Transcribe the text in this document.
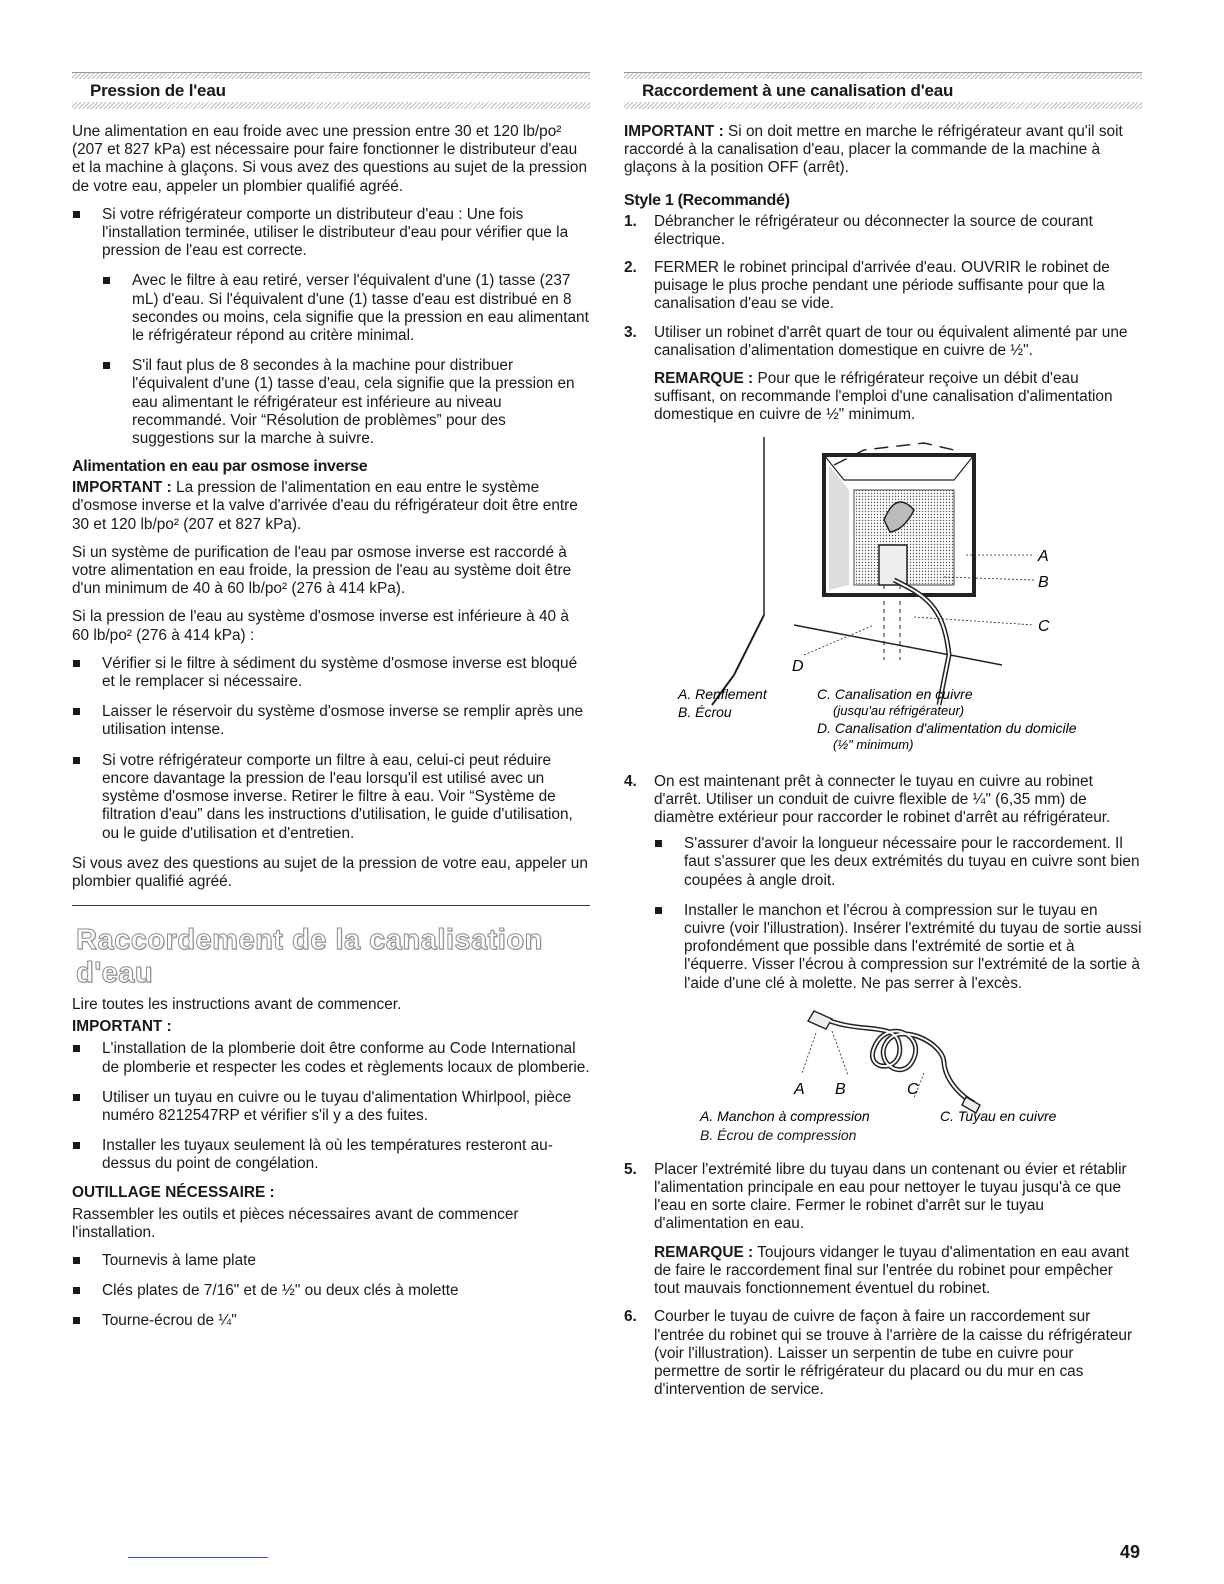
Pression de l'eau

Une alimentation en eau froide avec une pression entre 30 et 120 lb/po² (207 et 827 kPa) est nécessaire pour faire fonctionner le distributeur d'eau et la machine à glaçons. Si vous avez des questions au sujet de la pression de votre eau, appeler un plombier qualifié agréé.

Si votre réfrigérateur comporte un distributeur d'eau : Une fois l'installation terminée, utiliser le distributeur d'eau pour vérifier que la pression de l'eau est correcte.
Avec le filtre à eau retiré, verser l'équivalent d'une (1) tasse (237 mL) d'eau. Si l'équivalent d'une (1) tasse d'eau est distribué en 8 secondes ou moins, cela signifie que la pression en eau alimentant le réfrigérateur répond au critère minimal.
S'il faut plus de 8 secondes à la machine pour distribuer l'équivalent d'une (1) tasse d'eau, cela signifie que la pression en eau alimentant le réfrigérateur est inférieure au niveau recommandé. Voir “Résolution de problèmes” pour des suggestions sur la marche à suivre.
Alimentation en eau par osmose inverse

IMPORTANT : La pression de l'alimentation en eau entre le système d'osmose inverse et la valve d'arrivée d'eau du réfrigérateur doit être entre 30 et 120 lb/po² (207 et 827 kPa).

Si un système de purification de l'eau par osmose inverse est raccordé à votre alimentation en eau froide, la pression de l'eau au système doit être d'un minimum de 40 à 60 lb/po² (276 à 414 kPa).

Si la pression de l'eau au système d'osmose inverse est inférieure à 40 à 60 lb/po² (276 à 414 kPa) :

Vérifier si le filtre à sédiment du système d'osmose inverse est bloqué et le remplacer si nécessaire.
Laisser le réservoir du système d'osmose inverse se remplir après une utilisation intense.
Si votre réfrigérateur comporte un filtre à eau, celui-ci peut réduire encore davantage la pression de l'eau lorsqu'il est utilisé avec un système d'osmose inverse. Retirer le filtre à eau. Voir “Système de filtration d'eau” dans les instructions d'utilisation, le guide d'utilisation, ou le guide d'utilisation et d'entretien.

Si vous avez des questions au sujet de la pression de votre eau, appeler un plombier qualifié agréé.

Raccordement de la canalisation d'eau

Lire toutes les instructions avant de commencer.

IMPORTANT :
L'installation de la plomberie doit être conforme au Code International de plomberie et respecter les codes et règlements locaux de plomberie.
Utiliser un tuyau en cuivre ou le tuyau d'alimentation Whirlpool, pièce numéro 8212547RP et vérifier s'il y a des fuites.
Installer les tuyaux seulement là où les températures resteront au-dessus du point de congélation.
OUTILLAGE NÉCESSAIRE :

Rassembler les outils et pièces nécessaires avant de commencer l'installation.

Tournevis à lame plate
Clés plates de 7/16" et de ½" ou deux clés à molette
Tourne-écrou de ¼"
Raccordement à une canalisation d'eau

IMPORTANT : Si on doit mettre en marche le réfrigérateur avant qu'il soit raccordé à la canalisation d'eau, placer la commande de la machine à glaçons à la position OFF (arrêt).

Style 1 (Recommandé)
1. Débrancher le réfrigérateur ou déconnecter la source de courant électrique.
2. FERMER le robinet principal d'arrivée d'eau. OUVRIR le robinet de puisage le plus proche pendant une période suffisante pour que la canalisation d'eau se vide.
3. Utiliser un robinet d'arrêt quart de tour ou équivalent alimenté par une canalisation d'alimentation domestique en cuivre de ½".

REMARQUE : Pour que le réfrigérateur reçoive un débit d'eau suffisant, on recommande l'emploi d'une canalisation d'alimentation domestique en cuivre de ½" minimum.

A
B
C
D
A. Renflement
B. Écrou
C. Canalisation en cuivre
(jusqu'au réfrigérateur)
D. Canalisation d'alimentation du domicile
(½" minimum)
4. On est maintenant prêt à connecter le tuyau en cuivre au robinet d'arrêt. Utiliser un conduit de cuivre flexible de ¼" (6,35 mm) de diamètre extérieur pour raccorder le robinet d'arrêt au réfrigérateur.
S'assurer d'avoir la longueur nécessaire pour le raccordement. Il faut s'assurer que les deux extrémités du tuyau en cuivre sont bien coupées à angle droit.
Installer le manchon et l'écrou à compression sur le tuyau en cuivre (voir l'illustration). Insérer l'extrémité du tuyau de sortie aussi profondément que possible dans l'extrémité de sortie et à l'équerre. Visser l'écrou à compression sur l'extrémité de la sortie à l'aide d'une clé à molette. Ne pas serrer à l'excès.
A B	C
A. Manchon à compression	C. Tuyau en cuivre
B. Écrou de compression
5. Placer l'extrémité libre du tuyau dans un contenant ou évier et rétablir l'alimentation principale en eau pour nettoyer le tuyau jusqu'à ce que l'eau en sorte claire. Fermer le robinet d'arrêt sur le tuyau d'alimentation en eau.

REMARQUE : Toujours vidanger le tuyau d'alimentation en eau avant de faire le raccordement final sur l'entrée du robinet pour empêcher tout mauvais fonctionnement éventuel du robinet.

6. Courber le tuyau de cuivre de façon à faire un raccordement sur l'entrée du robinet qui se trouve à l'arrière de la caisse du réfrigérateur (voir l'illustration). Laisser un serpentin de tube en cuivre pour permettre de sortir le réfrigérateur du placard ou du mur en cas d'intervention de service.
49
